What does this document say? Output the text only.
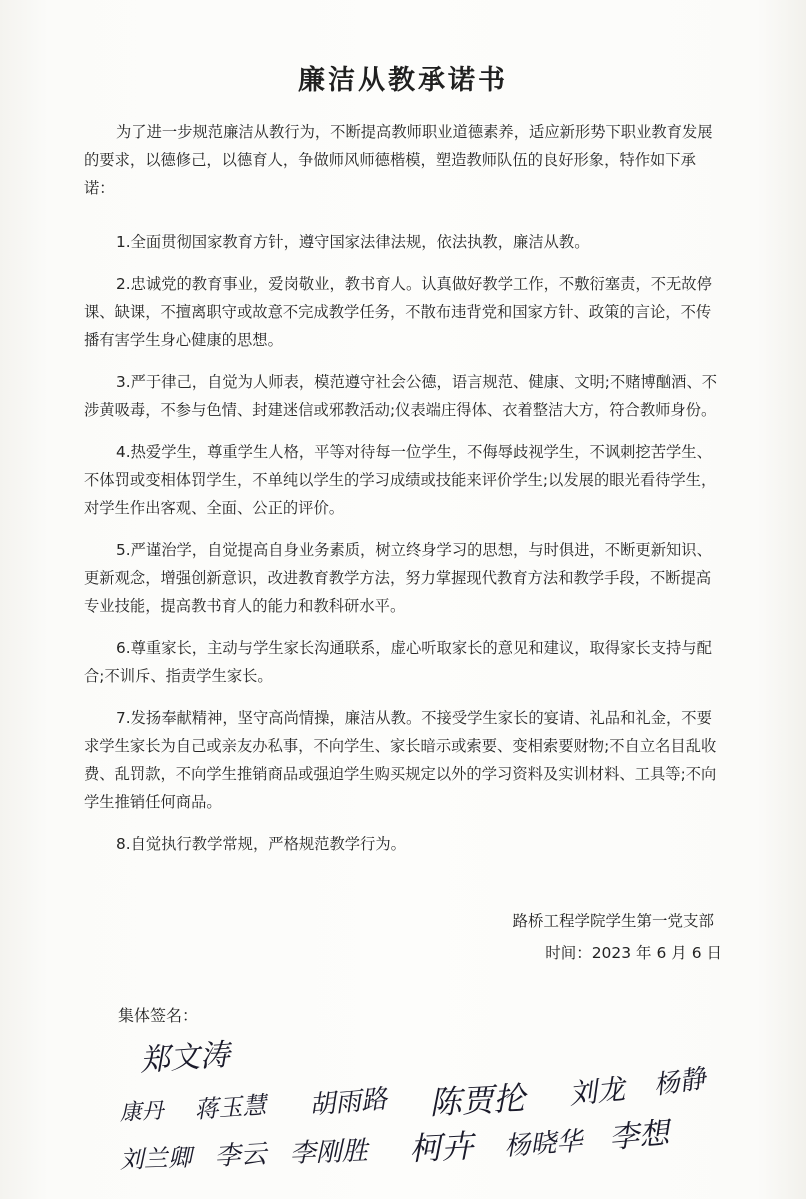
廉洁从教承诺书

为了进一步规范廉洁从教行为，不断提高教师职业道德素养，适应新形势下职业教育发展的要求，以德修己，以德育人，争做师风师德楷模，塑造教师队伍的良好形象，特作如下承诺：

1.全面贯彻国家教育方针，遵守国家法律法规，依法执教，廉洁从教。

2.忠诚党的教育事业，爱岗敬业，教书育人。认真做好教学工作，不敷衍塞责，不无故停课、缺课，不擅离职守或故意不完成教学任务，不散布违背党和国家方针、政策的言论，不传播有害学生身心健康的思想。

3.严于律己，自觉为人师表，模范遵守社会公德，语言规范、健康、文明;不赌博酗酒、不涉黄吸毒，不参与色情、封建迷信或邪教活动;仪表端庄得体、衣着整洁大方，符合教师身份。

4.热爱学生，尊重学生人格，平等对待每一位学生，不侮辱歧视学生，不讽刺挖苦学生、不体罚或变相体罚学生，不单纯以学生的学习成绩或技能来评价学生;以发展的眼光看待学生，对学生作出客观、全面、公正的评价。

5.严谨治学，自觉提高自身业务素质，树立终身学习的思想，与时俱进，不断更新知识、更新观念，增强创新意识，改进教育教学方法，努力掌握现代教育方法和教学手段，不断提高专业技能，提高教书育人的能力和教科研水平。

6.尊重家长，主动与学生家长沟通联系，虚心听取家长的意见和建议，取得家长支持与配合;不训斥、指责学生家长。

7.发扬奉献精神，坚守高尚情操，廉洁从教。不接受学生家长的宴请、礼品和礼金，不要求学生家长为自己或亲友办私事，不向学生、家长暗示或索要、变相索要财物;不自立名目乱收费、乱罚款，不向学生推销商品或强迫学生购买规定以外的学习资料及实训材料、工具等;不向学生推销任何商品。

8.自觉执行教学常规，严格规范教学行为。

路桥工程学院学生第一党支部

时间：2023 年 6 月 6 日

集体签名：

郑文涛
康丹 蒋玉慧 胡雨路 陈贾抡 刘龙 杨静
刘兰卿 李云 李刚胜 柯卉 杨晓华 李想
